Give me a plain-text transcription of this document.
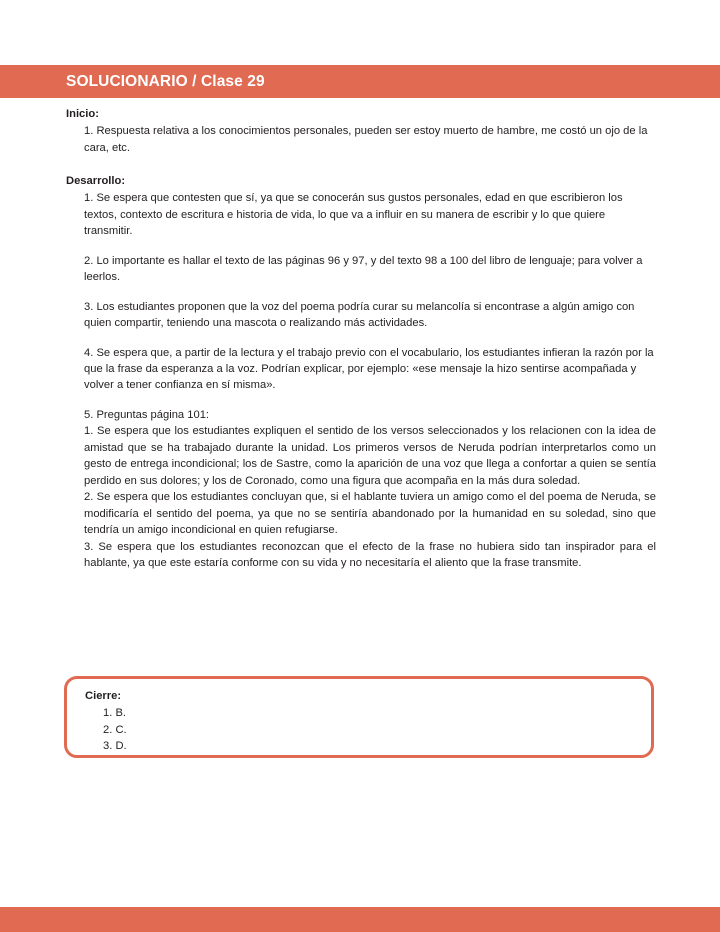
SOLUCIONARIO / Clase 29

Inicio:

1. Respuesta relativa a los conocimientos personales, pueden ser estoy muerto de hambre, me costó un ojo de la cara, etc.

Desarrollo:

1. Se espera que contesten que sí, ya que se conocerán sus gustos personales, edad en que escribieron los textos, contexto de escritura e historia de vida, lo que va a influir en su manera de escribir y lo que quiere transmitir.

2. Lo importante es hallar el texto de las páginas 96 y 97, y del texto 98 a 100 del libro de lenguaje; para volver a leerlos.

3. Los estudiantes proponen que la voz del poema podría curar su melancolía si encontrase a algún amigo con quien compartir, teniendo una mascota o realizando más actividades.

4. Se espera que, a partir de la lectura y el trabajo previo con el vocabulario, los estudiantes infieran la razón por la que la frase da esperanza a la voz. Podrían explicar, por ejemplo: «ese mensaje la hizo sentirse acompañada y volver a tener confianza en sí misma».

5. Preguntas página 101:

1. Se espera que los estudiantes expliquen el sentido de los versos seleccionados y los relacionen con la idea de amistad que se ha trabajado durante la unidad. Los primeros versos de Neruda podrían interpretarlos como un gesto de entrega incondicional; los de Sastre, como la aparición de una voz que llega a confortar a quien se sentía perdido en sus dolores; y los de Coronado, como una figura que acompaña en la más dura soledad.

2. Se espera que los estudiantes concluyan que, si el hablante tuviera un amigo como el del poema de Neruda, se modificaría el sentido del poema, ya que no se sentiría abandonado por la humanidad en su soledad, sino que tendría un amigo incondicional en quien refugiarse.

3. Se espera que los estudiantes reconozcan que el efecto de la frase no hubiera sido tan inspirador para el hablante, ya que este estaría conforme con su vida y no necesitaría el aliento que la frase transmite.

Cierre:

1. B.

2. C.

3. D.
